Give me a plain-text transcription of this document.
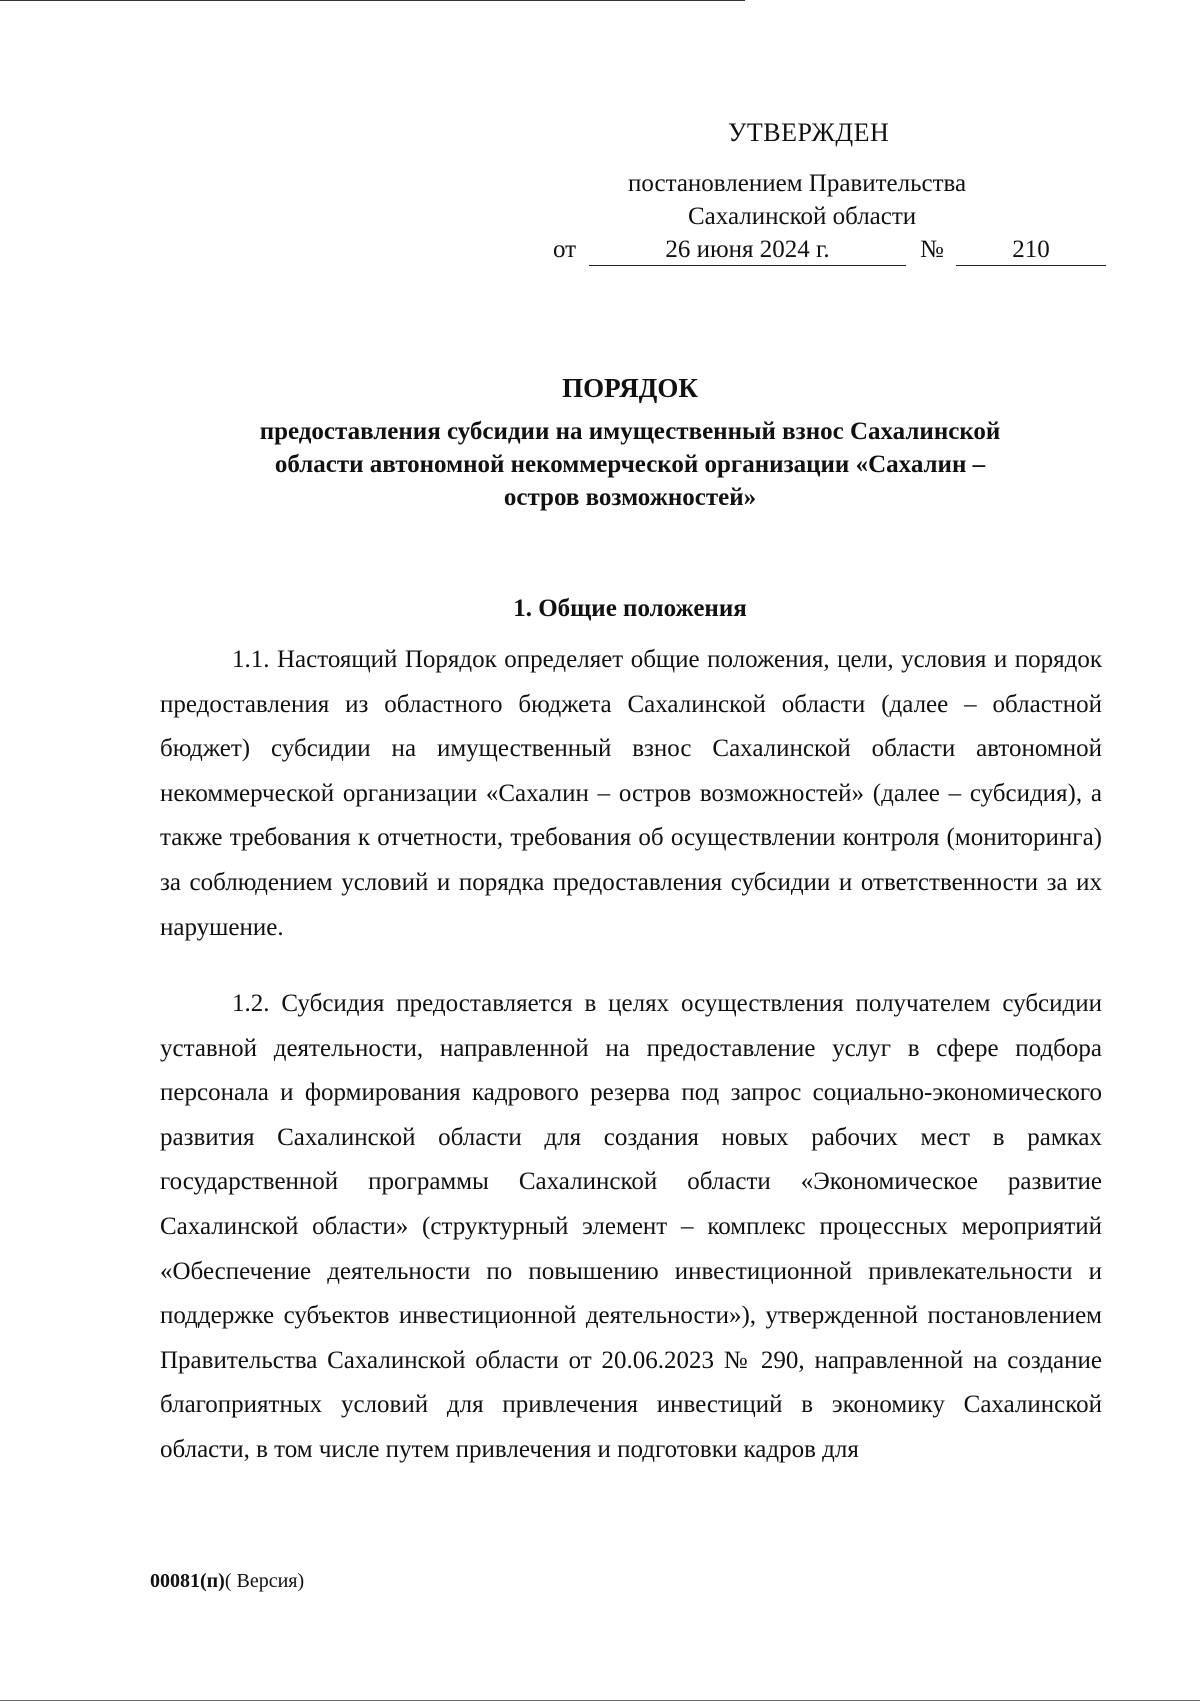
УТВЕРЖДЕН
постановлением Правительства
Сахалинской области
от	26 июня 2024 г.	№	210
ПОРЯДОК
предоставления субсидии на имущественный взнос Сахалинской области автономной некоммерческой организации «Сахалин – остров возможностей»
1. Общие положения
1.1. Настоящий Порядок определяет общие положения, цели, условия и порядок предоставления из областного бюджета Сахалинской области (далее – областной бюджет) субсидии на имущественный взнос Сахалинской области автономной некоммерческой организации «Сахалин – остров возможностей» (далее – субсидия), а также требования к отчетности, требования об осуществлении контроля (мониторинга) за соблюдением условий и порядка предоставления субсидии и ответственности за их нарушение.
1.2. Субсидия предоставляется в целях осуществления получателем субсидии уставной деятельности, направленной на предоставление услуг в сфере подбора персонала и формирования кадрового резерва под запрос социально-экономического развития Сахалинской области для создания новых рабочих мест в рамках государственной программы Сахалинской области «Экономическое развитие Сахалинской области» (структурный элемент – комплекс процессных мероприятий «Обеспечение деятельности по повышению инвестиционной привлекательности и поддержке субъектов инвестиционной деятельности»), утвержденной постановлением Правительства Сахалинской области от 20.06.2023 № 290, направленной на создание благоприятных условий для привлечения инвестиций в экономику Сахалинской области, в том числе путем привлечения и подготовки кадров для
00081(п)( Версия)
